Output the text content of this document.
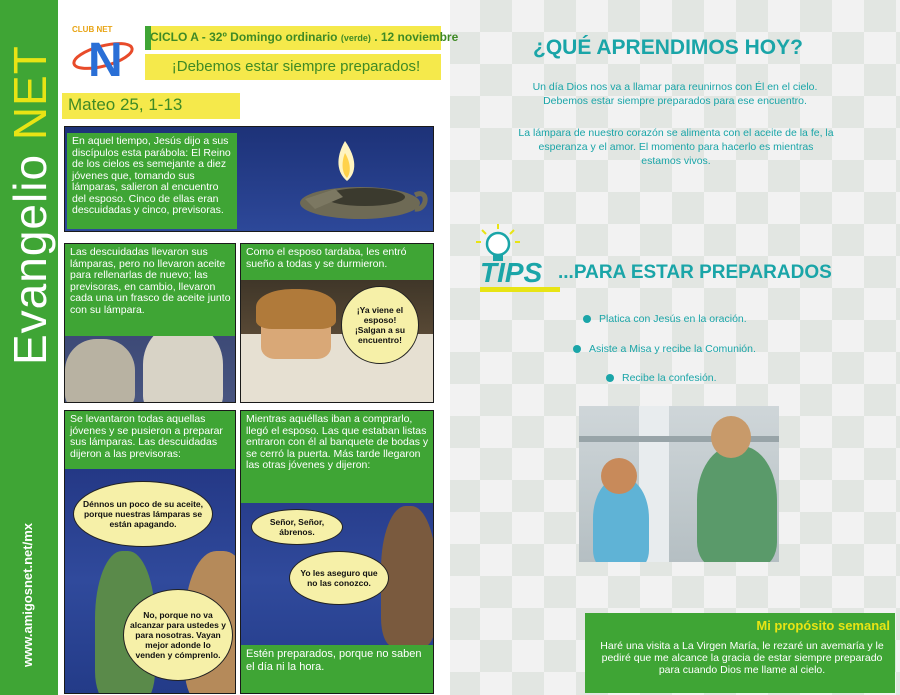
Evangelio NET
www.amigosnet.net/mx
N
CLUB NET
CICLO A - 32º Domingo ordinario (verde) . 12 noviembre
¡Debemos estar siempre preparados!
Mateo 25, 1-13
En aquel tiempo, Jesús dijo a sus discípulos esta parábola: El Reino de los cielos es semejante a diez jóvenes que, tomando sus lámparas, salieron al encuentro del esposo. Cinco de ellas eran descuidadas y cinco, previsoras.
Las descuidadas llevaron sus lámparas, pero no llevaron aceite para rellenarlas de nuevo; las previsoras, en cambio, llevaron cada una un frasco de aceite junto con su lámpara.
Como el esposo tardaba, les entró sueño a todas y se durmieron.
¡Ya viene el esposo! ¡Salgan a su encuentro!
Se levantaron todas aquellas jóvenes y se pusieron a preparar sus lámparas. Las descuidadas dijeron a las previsoras:
Dénnos un poco de su aceite, porque nuestras lámparas se están apagando.
No, porque no va alcanzar para ustedes y para nosotras. Vayan mejor adonde lo venden y cómprenlo.
Mientras aquéllas iban a comprarlo, llegó el esposo. Las que estaban listas entraron con él al banquete de bodas y se cerró la puerta. Más tarde llegaron las otras jóvenes y dijeron:
Señor, Señor, ábrenos.
Yo les aseguro que no las conozco.
Estén preparados, porque no saben el día ni la hora.
¿QUÉ APRENDIMOS HOY?
Un día Dios nos va a llamar para reunirnos con Él en el cielo. Debemos estar siempre preparados para ese encuentro.
La lámpara de nuestro corazón se alimenta con el aceite de la fe, la esperanza y el amor. El momento para hacerlo es mientras estamos vivos.
TIPS ...PARA ESTAR PREPARADOS
Platica con Jesús en la oración.
Asiste a Misa y recibe la Comunión.
Recibe la confesión.
Mi propósito semanal
Haré una visita a La Virgen María, le rezaré un avemaría y le pediré que me alcance la gracia de estar siempre preparado para cuando Dios me llame al cielo.
